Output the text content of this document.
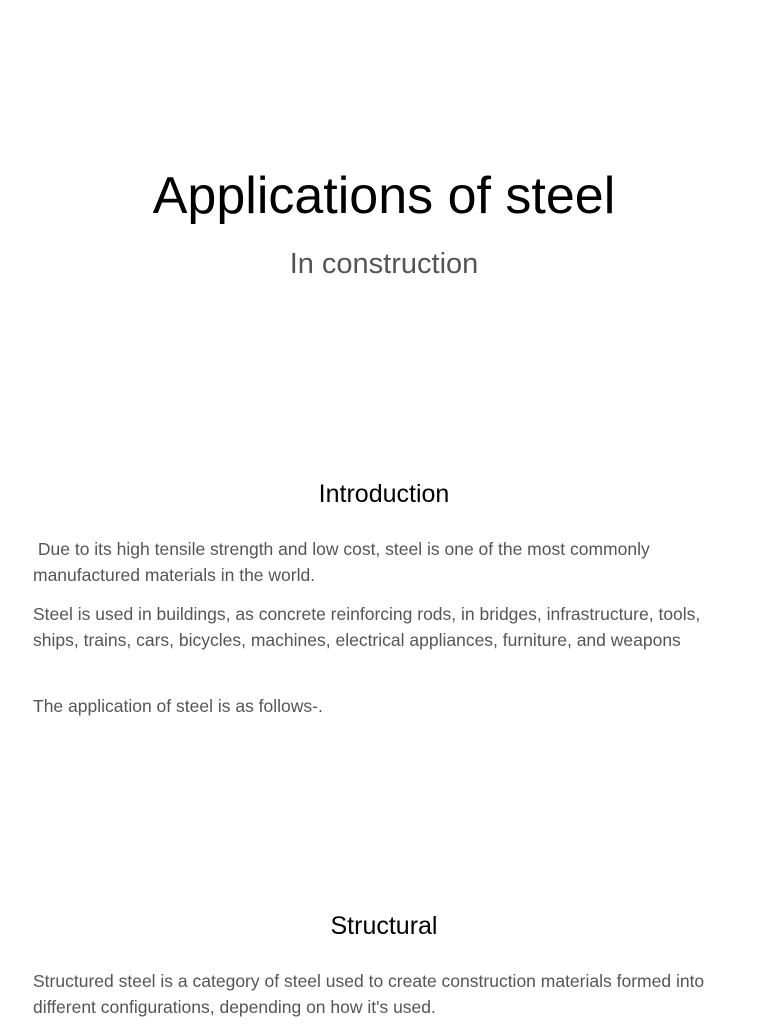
Applications of steel
In construction
Introduction

Due to its high tensile strength and low cost, steel is one of the most commonly manufactured materials in the world.

Steel is used in buildings, as concrete reinforcing rods, in bridges, infrastructure, tools, ships, trains, cars, bicycles, machines, electrical appliances, furniture, and weapons

The application of steel is as follows-.

Structural

Structured steel is a category of steel used to create construction materials formed into different configurations, depending on how it's used.
